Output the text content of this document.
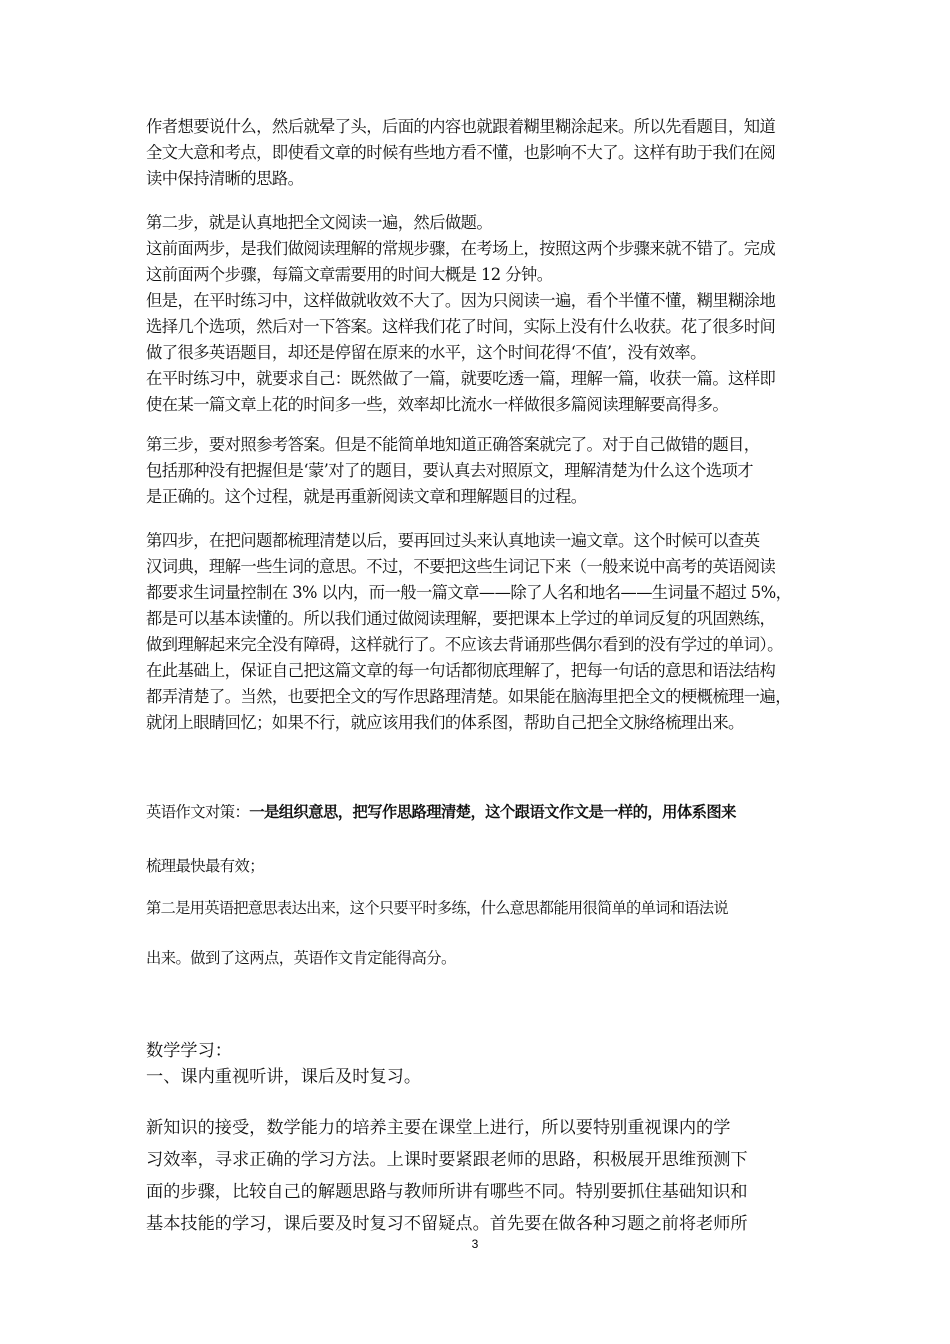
作者想要说什么，然后就晕了头，后面的内容也就跟着糊里糊涂起来。所以先看题目，知道
全文大意和考点，即使看文章的时候有些地方看不懂，也影响不大了。这样有助于我们在阅
读中保持清晰的思路。
第二步，就是认真地把全文阅读一遍，然后做题。
这前面两步，是我们做阅读理解的常规步骤，在考场上，按照这两个步骤来就不错了。完成
这前面两个步骤，每篇文章需要用的时间大概是 12 分钟。
但是，在平时练习中，这样做就收效不大了。因为只阅读一遍，看个半懂不懂，糊里糊涂地
选择几个选项，然后对一下答案。这样我们花了时间，实际上没有什么收获。花了很多时间
做了很多英语题目，却还是停留在原来的水平，这个时间花得‘不值’，没有效率。
在平时练习中，就要求自己：既然做了一篇，就要吃透一篇，理解一篇，收获一篇。这样即
使在某一篇文章上花的时间多一些，效率却比流水一样做很多篇阅读理解要高得多。
第三步，要对照参考答案。但是不能简单地知道正确答案就完了。对于自己做错的题目，
包括那种没有把握但是‘蒙’对了的题目，要认真去对照原文，理解清楚为什么这个选项才
是正确的。这个过程，就是再重新阅读文章和理解题目的过程。
第四步，在把问题都梳理清楚以后，要再回过头来认真地读一遍文章。这个时候可以查英
汉词典，理解一些生词的意思。不过，不要把这些生词记下来（一般来说中高考的英语阅读
都要求生词量控制在 3% 以内，而一般一篇文章——除了人名和地名——生词量不超过 5%，
都是可以基本读懂的。所以我们通过做阅读理解，要把课本上学过的单词反复的巩固熟练，
做到理解起来完全没有障碍，这样就行了。不应该去背诵那些偶尔看到的没有学过的单词）。
在此基础上，保证自己把这篇文章的每一句话都彻底理解了，把每一句话的意思和语法结构
都弄清楚了。当然，也要把全文的写作思路理清楚。如果能在脑海里把全文的梗概梳理一遍，
就闭上眼睛回忆；如果不行，就应该用我们的体系图，帮助自己把全文脉络梳理出来。
英语作文对策：一是组织意思，把写作思路理清楚，这个跟语文作文是一样的，用体系图来
梳理最快最有效；
第二是用英语把意思表达出来，这个只要平时多练，什么意思都能用很简单的单词和语法说
出来。做到了这两点，英语作文肯定能得高分。
数学学习：
一、课内重视听讲，课后及时复习。
新知识的接受，数学能力的培养主要在课堂上进行，所以要特别重视课内的学
习效率，寻求正确的学习方法。上课时要紧跟老师的思路，积极展开思维预测下
面的步骤，比较自己的解题思路与教师所讲有哪些不同。特别要抓住基础知识和
基本技能的学习，课后要及时复习不留疑点。首先要在做各种习题之前将老师所
3
